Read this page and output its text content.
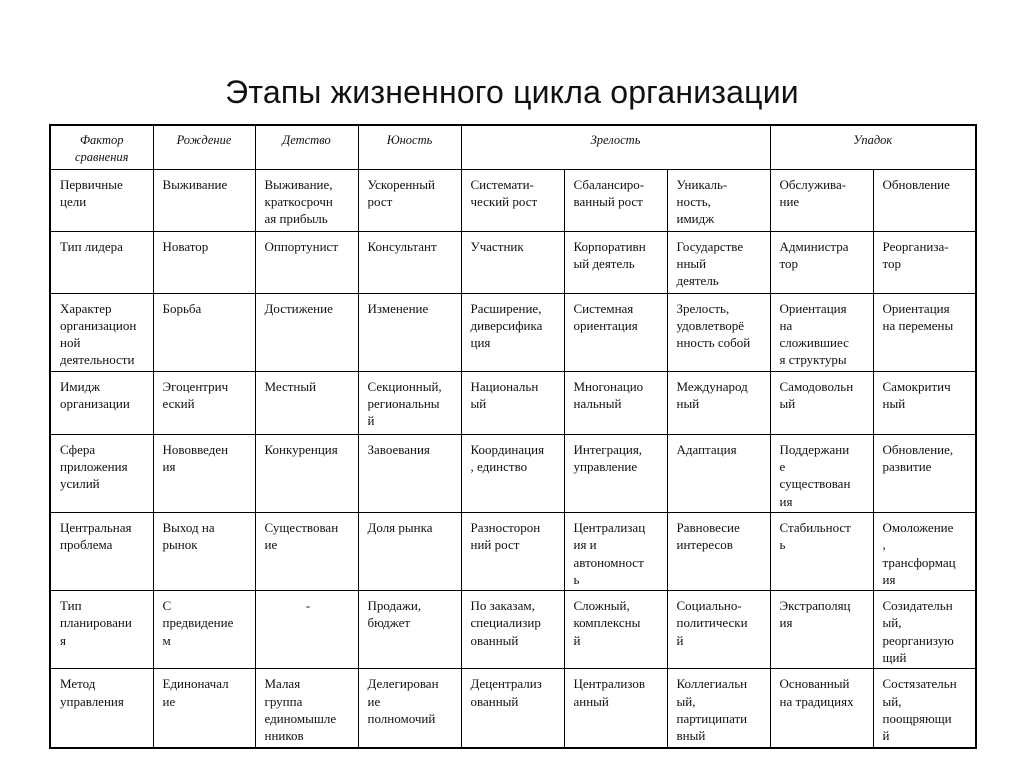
Этапы жизненного цикла организации
Фактор
сравнения	Рождение	Детство	Юность	Зрелость			Упадок	

Первичные
цели	Выживание	Выживание,
краткосрочн
ая прибыль	Ускоренный
рост	Системати-
ческий рост	Сбалансиро-
ванный рост	Уникаль-
ность,
имидж	Обслужива-
ние	Обновление

Тип лидера	Новатор	Оппортунист	Консультант	Участник	Корпоративн
ый деятель	Государстве
нный
деятель	Администра
тор	Реорганиза-
тор

Характер
организацион
ной
деятельности	Борьба	Достижение	Изменение	Расширение,
диверсифика
ция	Системная
ориентация	Зрелость,
удовлетворё
нность собой	Ориентация
на
сложившиес
я структуры	Ориентация
на перемены

Имидж
организации	Эгоцентрич
еский	Местный	Секционный,
региональны
й	Национальн
ый	Многонацио
нальный	Международ
ный	Самодовольн
ый	Самокритич
ный

Сфера
приложения
усилий	Нововведен
ия	Конкуренция	Завоевания	Координация
, единство	Интеграция,
управление	Адаптация	Поддержани
е
существован
ия	Обновление,
развитие

Центральная
проблема	Выход на
рынок	Существован
ие	Доля рынка	Разносторон
ний рост	Централизац
ия и
автономност
ь	Равновесие
интересов	Стабильност
ь	Омоложение
,
трансформац
ия

Тип
планировани
я	С
предвидение
м	-	Продажи,
бюджет	По заказам,
специализир
ованный	Сложный,
комплексны
й	Социально-
политически
й	Экстраполяц
ия	Созидательн
ый,
реорганизую
щий

Метод
управления	Единоначал
ие	Малая
группа
единомышле
нников	Делегирован
ие
полномочий	Децентрализ
ованный	Централизов
анный	Коллегиальн
ый,
партиципати
вный	Основанный
на традициях	Состязательн
ый,
поощряющи
й
